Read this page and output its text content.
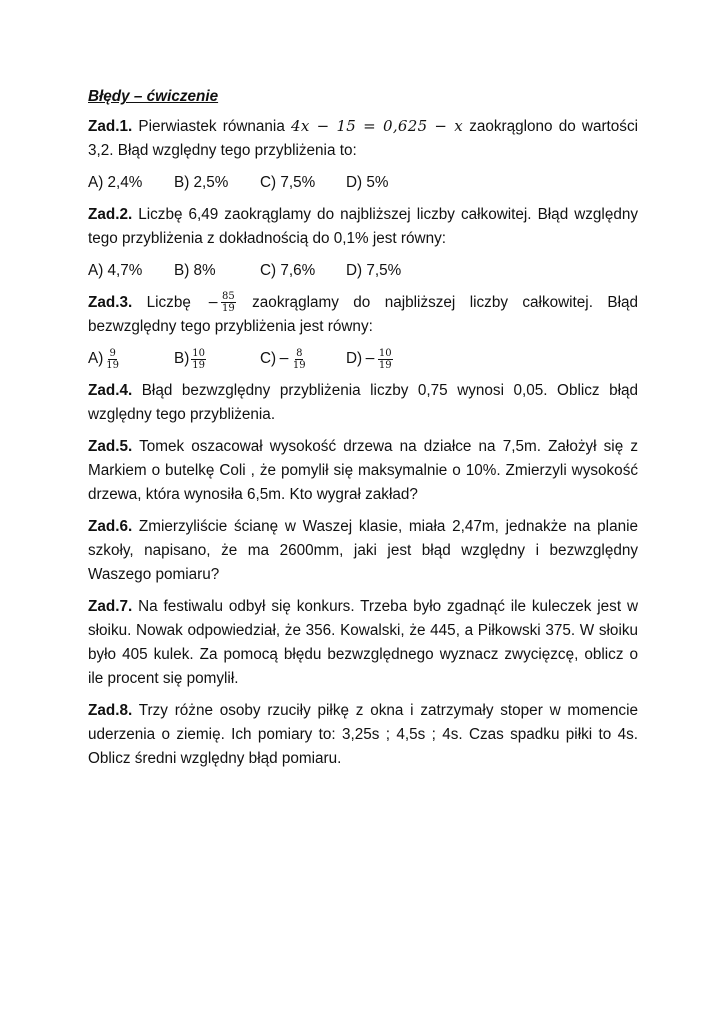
Błędy – ćwiczenie
Zad.1. Pierwiastek równania 4x − 15 = 0,625 − x zaokrąglono do wartości 3,2. Błąd względny tego przybliżenia to:
A) 2,4%	B) 2,5%	C) 7,5%	D) 5%
Zad.2. Liczbę 6,49 zaokrąglamy do najbliższej liczby całkowitej. Błąd względny tego przybliżenia z dokładnością do 0,1% jest równy:
A) 4,7%	B) 8%	C) 7,6%	D) 7,5%
Zad.3. Liczbę − $\frac{85}{19}$ zaokrąglamy do najbliższej liczby całkowitej. Błąd bezwzględny tego przybliżenia jest równy:
$A) \frac{9}{19}$	$B) \frac{10}{19}$	$C) - \frac{8}{19}$	$D) - \frac{10}{19}$
Zad.4. Błąd bezwzględny przybliżenia liczby 0,75 wynosi 0,05. Oblicz błąd względny tego przybliżenia.
Zad.5. Tomek oszacował wysokość drzewa na działce na 7,5m. Założył się z Markiem o butelkę Coli , że pomylił się maksymalnie o 10%. Zmierzyli wysokość drzewa, która wynosiła 6,5m. Kto wygrał zakład?
Zad.6. Zmierzyliście ścianę w Waszej klasie, miała 2,47m, jednakże na planie szkoły, napisano, że ma 2600mm, jaki jest błąd względny i bezwzględny Waszego pomiaru?
Zad.7. Na festiwalu odbył się konkurs. Trzeba było zgadnąć ile kuleczek jest w słoiku. Nowak odpowiedział, że 356. Kowalski, że 445, a Piłkowski 375. W słoiku było 405 kulek. Za pomocą błędu bezwzględnego wyznacz zwycięzcę, oblicz o ile procent się pomylił.
Zad.8. Trzy różne osoby rzuciły piłkę z okna i zatrzymały stoper w momencie uderzenia o ziemię. Ich pomiary to: 3,25s ; 4,5s ; 4s. Czas spadku piłki to 4s. Oblicz średni względny błąd pomiaru.
